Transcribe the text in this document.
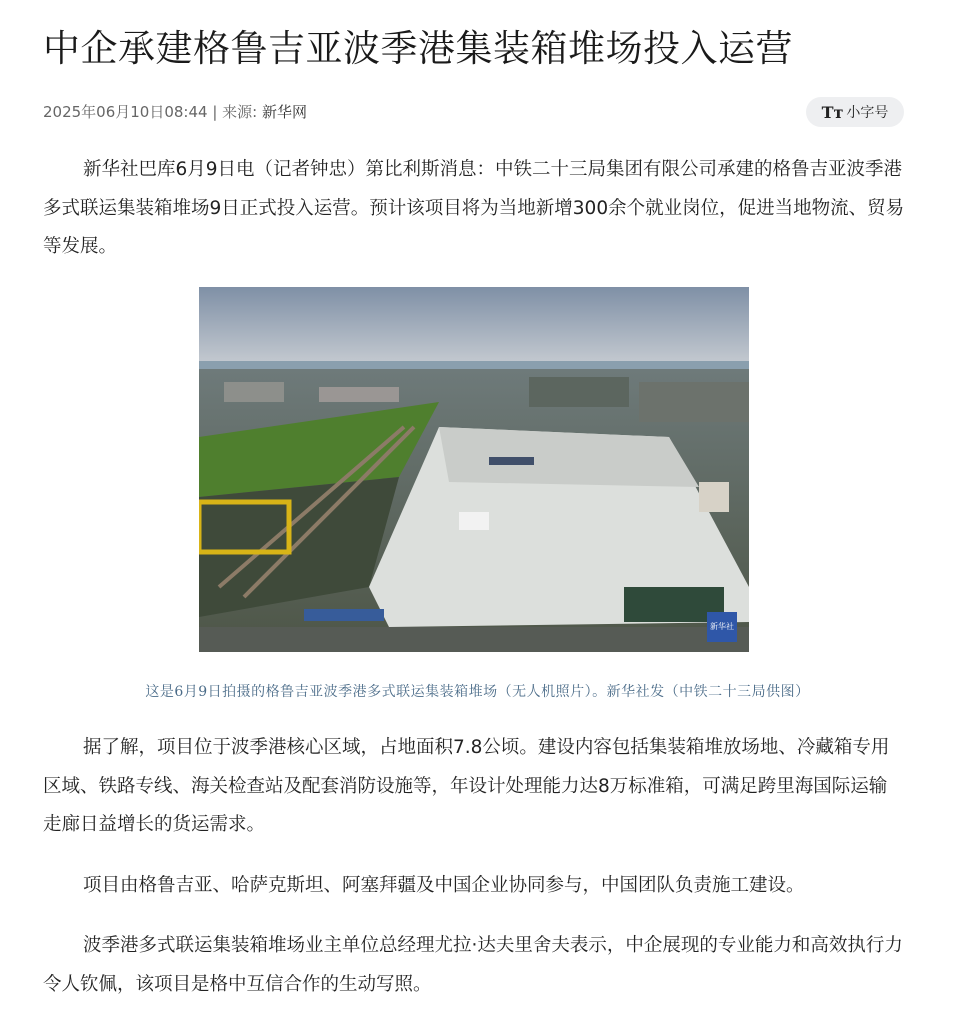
中企承建格鲁吉亚波季港集装箱堆场投入运营
2025年06月10日08:44 | 来源: 新华网	Tт 小字号

新华社巴库6月9日电（记者钟忠）第比利斯消息：中铁二十三局集团有限公司承建的格鲁吉亚波季港多式联运集装箱堆场9日正式投入运营。预计该项目将为当地新增300余个就业岗位，促进当地物流、贸易等发展。

新华社
这是6月9日拍摄的格鲁吉亚波季港多式联运集装箱堆场（无人机照片）。新华社发（中铁二十三局供图）

据了解，项目位于波季港核心区域，占地面积7.8公顷。建设内容包括集装箱堆放场地、冷藏箱专用区域、铁路专线、海关检查站及配套消防设施等，年设计处理能力达8万标准箱，可满足跨里海国际运输走廊日益增长的货运需求。

项目由格鲁吉亚、哈萨克斯坦、阿塞拜疆及中国企业协同参与，中国团队负责施工建设。

波季港多式联运集装箱堆场业主单位总经理尤拉·达夫里舍夫表示，中企展现的专业能力和高效执行力令人钦佩，该项目是格中互信合作的生动写照。
